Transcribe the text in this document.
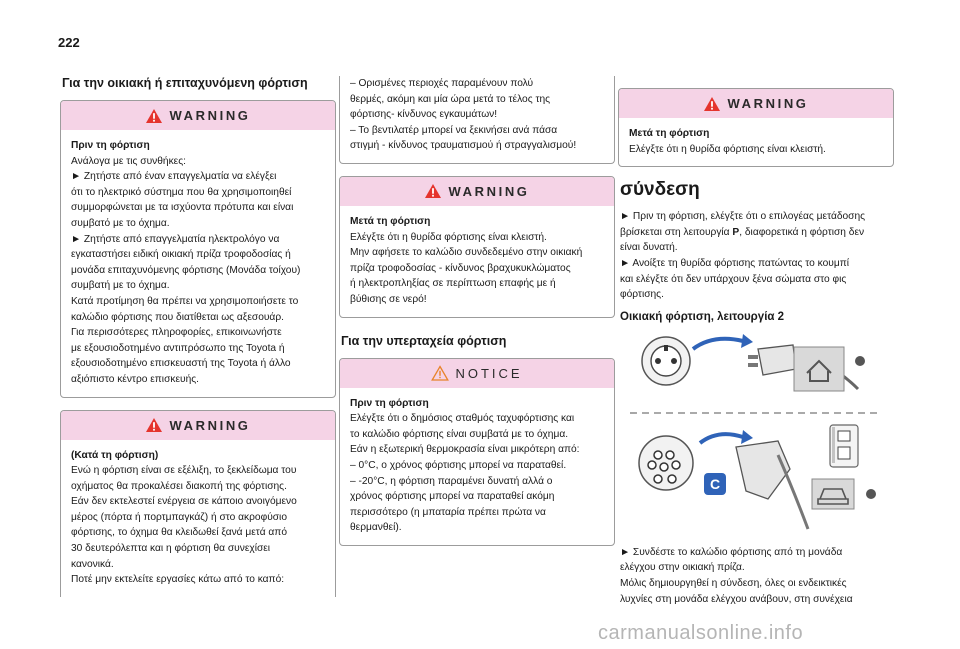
222
Για την οικιακή ή επιταχυνόμενη φόρτιση
WARNING
Πριν τη φόρτιση
Ανάλογα με τις συνθήκες:
► Ζητήστε από έναν επαγγελματία να ελέγξει
ότι το ηλεκτρικό σύστημα που θα χρησιμοποιηθεί
συμμορφώνεται με τα ισχύοντα πρότυπα και είναι
συμβατό με το όχημα.
► Ζητήστε από επαγγελματία ηλεκτρολόγο να
εγκαταστήσει ειδική οικιακή πρίζα τροφοδοσίας ή
μονάδα επιταχυνόμενης φόρτισης (Μονάδα τοίχου)
συμβατή με το όχημα.
Κατά προτίμηση θα πρέπει να χρησιμοποιήσετε το
καλώδιο φόρτισης που διατίθεται ως αξεσουάρ.
Για περισσότερες πληροφορίες, επικοινωνήστε
με εξουσιοδοτημένο αντιπρόσωπο της Toyota ή
εξουσιοδοτημένο επισκευαστή της Toyota ή άλλο
αξιόπιστο κέντρο επισκευής.
WARNING
(Κατά τη φόρτιση)
Ενώ η φόρτιση είναι σε εξέλιξη, το ξεκλείδωμα του
οχήματος θα προκαλέσει διακοπή της φόρτισης.
Εάν δεν εκτελεστεί ενέργεια σε κάποιο ανοιγόμενο
μέρος (πόρτα ή πορτμπαγκάζ) ή στο ακροφύσιο
φόρτισης, το όχημα θα κλειδωθεί ξανά μετά από
30 δευτερόλεπτα και η φόρτιση θα συνεχίσει
κανονικά.
Ποτέ μην εκτελείτε εργασίες κάτω από το καπό:
– Ορισμένες περιοχές παραμένουν πολύ
θερμές, ακόμη και μία ώρα μετά το τέλος της
φόρτισης- κίνδυνος εγκαυμάτων!
– Το βεντιλατέρ μπορεί να ξεκινήσει ανά πάσα
στιγμή - κίνδυνος τραυματισμού ή στραγγαλισμού!
WARNING
Μετά τη φόρτιση
Ελέγξτε ότι η θυρίδα φόρτισης είναι κλειστή.
Μην αφήσετε το καλώδιο συνδεδεμένο στην οικιακή
πρίζα τροφοδοσίας - κίνδυνος βραχυκυκλώματος
ή ηλεκτροπληξίας σε περίπτωση επαφής με ή
βύθισης σε νερό!
Για την υπερταχεία φόρτιση
NOTICE
Πριν τη φόρτιση
Ελέγξτε ότι ο δημόσιος σταθμός ταχυφόρτισης και
το καλώδιο φόρτισης είναι συμβατά με το όχημα.
Εάν η εξωτερική θερμοκρασία είναι μικρότερη από:
– 0°C, ο χρόνος φόρτισης μπορεί να παραταθεί.
– -20°C, η φόρτιση παραμένει δυνατή αλλά ο
χρόνος φόρτισης μπορεί να παραταθεί ακόμη
περισσότερο (η μπαταρία πρέπει πρώτα να
θερμανθεί).
WARNING
Μετά τη φόρτιση
Ελέγξτε ότι η θυρίδα φόρτισης είναι κλειστή.
σύνδεση

► Πριν τη φόρτιση, ελέγξτε ότι ο επιλογέας μετάδοσης

βρίσκεται στη λειτουργία P, διαφορετικά η φόρτιση δεν

είναι δυνατή.

► Ανοίξτε τη θυρίδα φόρτισης πατώντας το κουμπί

και ελέγξτε ότι δεν υπάρχουν ξένα σώματα στο φις

φόρτισης.

Οικιακή φόρτιση, λειτουργία 2
C

► Συνδέστε το καλώδιο φόρτισης από τη μονάδα

ελέγχου στην οικιακή πρίζα.

Μόλις δημιουργηθεί η σύνδεση, όλες οι ενδεικτικές

λυχνίες στη μονάδα ελέγχου ανάβουν, στη συνέχεια

carmanualsonline.info
